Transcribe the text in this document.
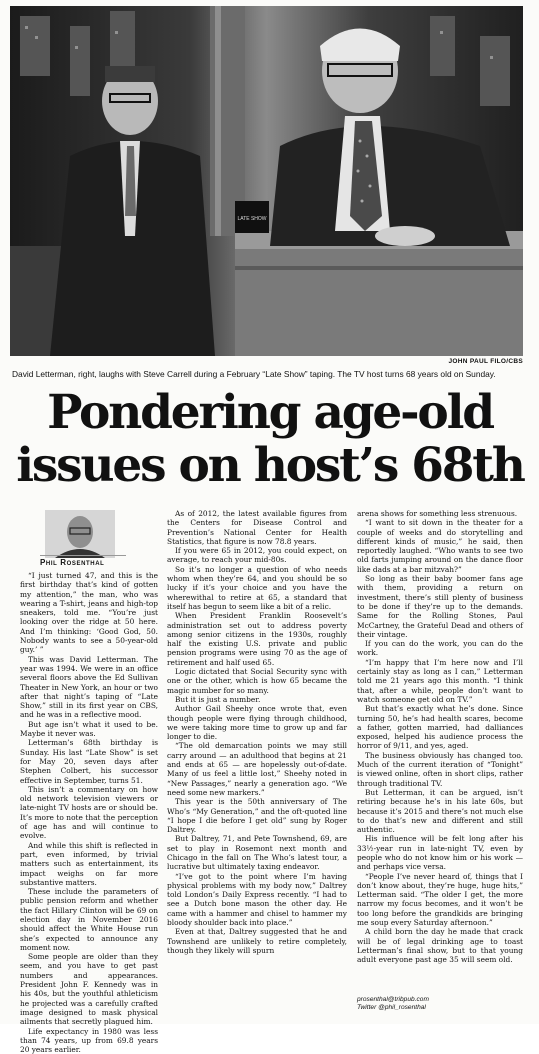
LATE SHOW
JOHN PAUL FILO/CBS
David Letterman, right, laughs with Steve Carrell during a February “Late Show” taping. The TV host turns 68 years old on Sunday.
Pondering age-old
issues on host’s 68th
Phil Rosenthal

“I just turned 47, and this is the first birthday that’s kind of gotten my attention,” the man, who was wearing a T-shirt, jeans and high-top sneakers, told me. “You’re just looking over the ridge at 50 here. And I’m thinking: ‘Good God, 50. Nobody wants to see a 50-year-old guy.’ ”

This was David Letterman. The year was 1994. We were in an office several floors above the Ed Sullivan Theater in New York, an hour or two after that night’s taping of “Late Show,” still in its first year on CBS, and he was in a reflective mood.

But age isn’t what it used to be. Maybe it never was.

Letterman’s 68th birthday is Sunday. His last “Late Show” is set for May 20, seven days after Stephen Colbert, his successor effective in September, turns 51.

This isn’t a commentary on how old network television viewers or late-night TV hosts are or should be. It’s more to note that the perception of age has and will continue to evolve.

And while this shift is reflected in part, even informed, by trivial matters such as entertainment, its impact weighs on far more substantive matters.

These include the parameters of public pension reform and whether the fact Hillary Clinton will be 69 on election day in November 2016 should affect the White House run she’s expected to announce any moment now.

Some people are older than they seem, and you have to get past numbers and appearances. President John F. Kennedy was in his 40s, but the youthful athleticism he projected was a carefully crafted image designed to mask physical ailments that secretly plagued him.

Life expectancy in 1980 was less than 74 years, up from 69.8 years 20 years earlier.

As of 2012, the latest available figures from the Centers for Disease Control and Prevention’s National Center for Health Statistics, that figure is now 78.8 years.

If you were 65 in 2012, you could expect, on average, to reach your mid-80s.

So it’s no longer a question of who needs whom when they’re 64, and you should be so lucky if it’s your choice and you have the wherewithal to retire at 65, a standard that itself has begun to seem like a bit of a relic.

When President Franklin Roosevelt’s administration set out to address poverty among senior citizens in the 1930s, roughly half the existing U.S. private and public pension programs were using 70 as the age of retirement and half used 65.

Logic dictated that Social Security sync with one or the other, which is how 65 became the magic number for so many.

But it is just a number.

Author Gail Sheehy once wrote that, even though people were flying through childhood, we were taking more time to grow up and far longer to die.

“The old demarcation points we may still carry around — an adulthood that begins at 21 and ends at 65 — are hopelessly out-of-date. Many of us feel a little lost,” Sheehy noted in “New Passages,” nearly a generation ago. “We need some new markers.”

This year is the 50th anniversary of The Who’s “My Generation,” and the oft-quoted line “I hope I die before I get old” sung by Roger Daltrey.

But Daltrey, 71, and Pete Townshend, 69, are set to play in Rosemont next month and Chicago in the fall on The Who’s latest tour, a lucrative but ultimately taxing endeavor.

“I’ve got to the point where I’m having physical problems with my body now,” Daltrey told London’s Daily Express recently. “I had to see a Dutch bone mason the other day. He came with a hammer and chisel to hammer my bloody shoulder back into place.”

Even at that, Daltrey suggested that he and Townshend are unlikely to retire completely, though they likely will spurn

arena shows for something less strenuous.

“I want to sit down in the theater for a couple of weeks and do storytelling and different kinds of music,” he said, then reportedly laughed. “Who wants to see two old farts jumping around on the dance floor like dads at a bar mitzvah?”

So long as their baby boomer fans age with them, providing a return on investment, there’s still plenty of business to be done if they’re up to the demands. Same for the Rolling Stones, Paul McCartney, the Grateful Dead and others of their vintage.

If you can do the work, you can do the work.

“I’m happy that I’m here now and I’ll certainly stay as long as I can,” Letterman told me 21 years ago this month. “I think that, after a while, people don’t want to watch someone get old on TV.”

But that’s exactly what he’s done. Since turning 50, he’s had health scares, become a father, gotten married, had dalliances exposed, helped his audience process the horror of 9/11, and yes, aged.

The business obviously has changed too. Much of the current iteration of “Tonight” is viewed online, often in short clips, rather through traditional TV.

But Letterman, it can be argued, isn’t retiring because he’s in his late 60s, but because it’s 2015 and there’s not much else to do that’s new and different and still authentic.

His influence will be felt long after his 33½-year run in late-night TV, even by people who do not know him or his work — and perhaps vice versa.

“People I’ve never heard of, things that I don’t know about, they’re huge, huge hits,” Letterman said. “The older I get, the more narrow my focus becomes, and it won’t be too long before the grandkids are bringing me soup every Saturday afternoon.”

A child born the day he made that crack will be of legal drinking age to toast Letterman’s final show, but to that young adult everyone past age 35 will seem old.

prosenthal@tribpub.com
Twitter @phil_rosenthal
